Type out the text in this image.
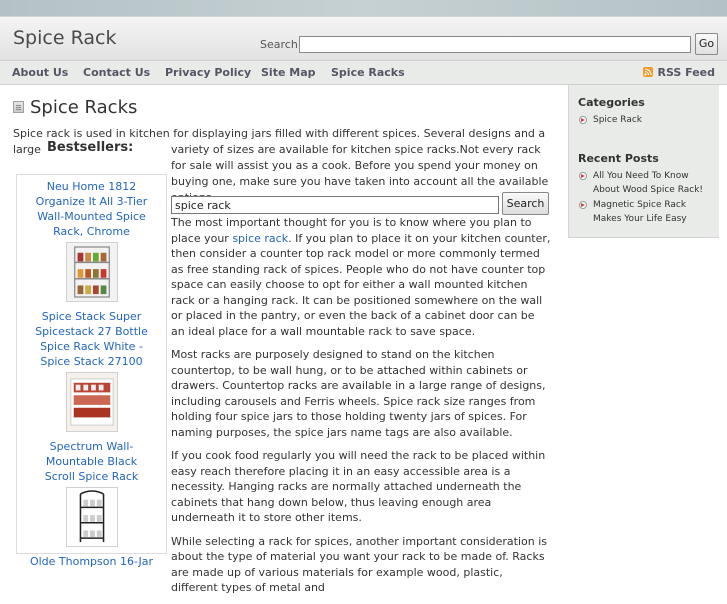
Spice Rack	Search	Go
About Us Contact Us Privacy Policy Site Map Spice Racks	RSS Feed
Spice Racks
Spice rack is used in kitchen for displaying jars filled with different spices. Several designs and a large	variety of sizes are available for kitchen spice racks.Not every rack for sale will assist you as a cook. Before you spend your money on buying one, make sure you have taken into account all the available
Bestsellers:
Neu Home 1812 Organize It All 3-Tier Wall-Mounted Spice Rack, Chrome
Spice Stack Super Spicestack 27 Bottle Spice Rack White - Spice Stack 27100
Spectrum Wall-Mountable Black Scroll Spice Rack
Olde Thompson 16-Jar
spice rack
Search

The most important thought for you is to know where you plan to place your spice rack. If you plan to place it on your kitchen counter, then consider a counter top rack model or more commonly termed as free standing rack of spices. People who do not have counter top space can easily choose to opt for either a wall mounted kitchen rack or a hanging rack. It can be positioned somewhere on the wall or placed in the pantry, or even the back of a cabinet door can be an ideal place for a wall mountable rack to save space.

Most racks are purposely designed to stand on the kitchen countertop, to be wall hung, or to be attached within cabinets or drawers. Countertop racks are available in a large range of designs, including carousels and Ferris wheels. Spice rack size ranges from holding four spice jars to those holding twenty jars of spices. For naming purposes, the spice jars name tags are also available.

If you cook food regularly you will need the rack to be placed within easy reach therefore placing it in an easy accessible area is a necessity. Hanging racks are normally attached underneath the cabinets that hang down below, thus leaving enough area underneath it to store other items.

While selecting a rack for spices, another important consideration is about the type of material you want your rack to be made of. Racks are made up of various materials for example wood, plastic, different types of metal and

Categories
Spice Rack
Recent Posts
All You Need To Know About Wood Spice Rack!
Magnetic Spice Rack Makes Your Life Easy
